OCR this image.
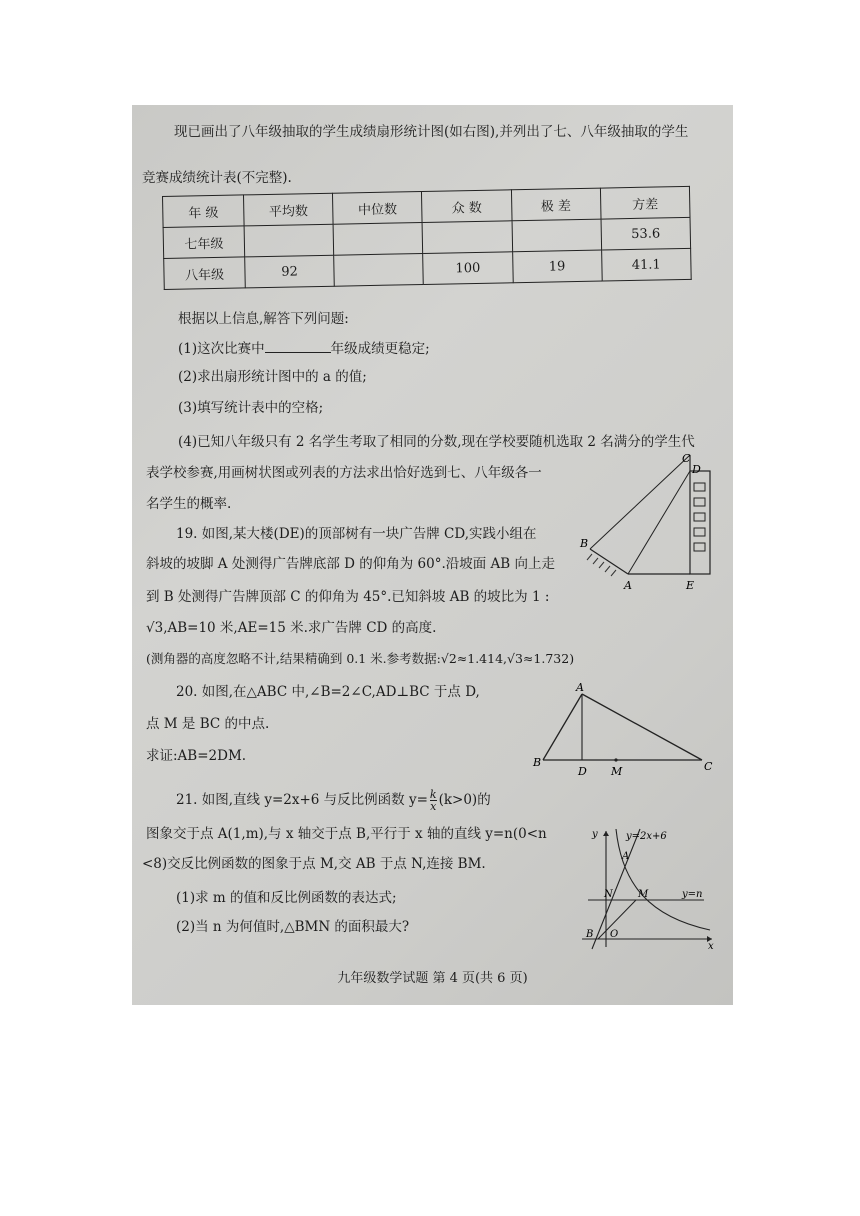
现已画出了八年级抽取的学生成绩扇形统计图(如右图),并列出了七、八年级抽取的学生
竞赛成绩统计表(不完整).
年 级	平均数	中位数	众 数	极 差	方差
七年级					53.6
八年级	92		100	19	41.1
根据以上信息,解答下列问题:
(1)这次比赛中	年级成绩更稳定;
(2)求出扇形统计图中的 a 的值;
(3)填写统计表中的空格;
(4)已知八年级只有 2 名学生考取了相同的分数,现在学校要随机选取 2 名满分的学生代
表学校参赛,用画树状图或列表的方法求出恰好选到七、八年级各一
名学生的概率.
19. 如图,某大楼(DE)的顶部树有一块广告牌 CD,实践小组在
斜坡的坡脚 A 处测得广告牌底部 D 的仰角为 60°.沿坡面 AB 向上走
到 B 处测得广告牌顶部 C 的仰角为 45°.已知斜坡 AB 的坡比为 1 :
√3,AB=10 米,AE=15 米.求广告牌 CD 的高度.
(测角器的高度忽略不计,结果精确到 0.1 米.参考数据:√2≈1.414,√3≈1.732)
C
D
B
A	E
20. 如图,在△ABC 中,∠B=2∠C,AD⊥BC 于点 D,
点 M 是 BC 的中点.
求证:AB=2DM.
A
B	C
D M
21. 如图,直线 y=2x+6 与反比例函数 $y= \frac{k}{x} (k>0)$的
图象交于点 A(1,m),与 x 轴交于点 B,平行于 x 轴的直线 y=n(0<n
<8)交反比例函数的图象于点 M,交 AB 于点 N,连接 BM.
(1)求 m 的值和反比例函数的表达式;
(2)当 n 为何值时,△BMN 的面积最大?
y	y=2x+6
A
N	M	y=n
B O
x
九年级数学试题 第 4 页(共 6 页)
